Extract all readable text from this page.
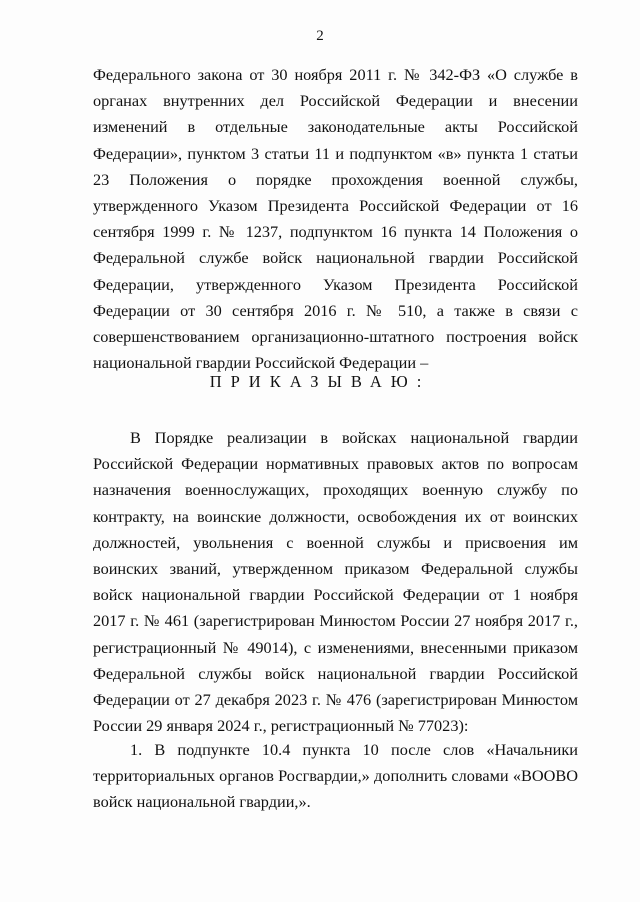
2
Федерального закона от 30 ноября 2011 г. № 342-ФЗ «О службе в органах внутренних дел Российской Федерации и внесении изменений в отдельные законодательные акты Российской Федерации», пунктом 3 статьи 11 и подпунктом «в» пункта 1 статьи 23 Положения о порядке прохождения военной службы, утвержденного Указом Президента Российской Федерации от 16 сентября 1999 г. № 1237, подпунктом 16 пункта 14 Положения о Федеральной службе войск национальной гвардии Российской Федерации, утвержденного Указом Президента Российской Федерации от 30 сентября 2016 г. № 510, а также в связи с совершенствованием организационно-штатного построения войск национальной гвардии Российской Федерации –
ПРИКАЗЫВАЮ:
В Порядке реализации в войсках национальной гвардии Российской Федерации нормативных правовых актов по вопросам назначения военнослужащих, проходящих военную службу по контракту, на воинские должности, освобождения их от воинских должностей, увольнения с военной службы и присвоения им воинских званий, утвержденном приказом Федеральной службы войск национальной гвардии Российской Федерации от 1 ноября 2017 г. № 461 (зарегистрирован Минюстом России 27 ноября 2017 г., регистрационный № 49014), с изменениями, внесенными приказом Федеральной службы войск национальной гвардии Российской Федерации от 27 декабря 2023 г. № 476 (зарегистрирован Минюстом России 29 января 2024 г., регистрационный № 77023):
1. В подпункте 10.4 пункта 10 после слов «Начальники территориальных органов Росгвардии,» дополнить словами «ВООВО войск национальной гвардии,».
